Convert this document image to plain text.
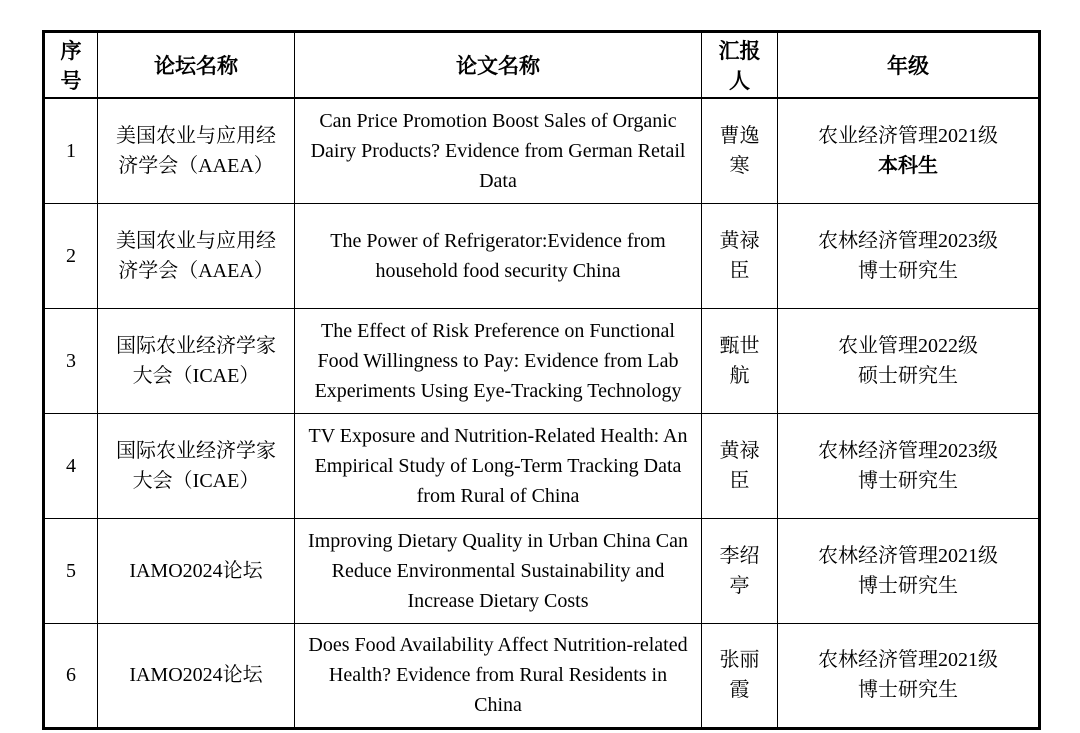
序号	论坛名称	论文名称	汇报人	年级
1	美国农业与应用经济学会（AAEA）	Can Price Promotion Boost Sales of Organic Dairy Products? Evidence from German Retail Data	曹逸寒	农业经济管理2021级
本科生

2	美国农业与应用经济学会（AAEA）	The Power of Refrigerator:Evidence from household food security China	黄禄臣	农林经济管理2023级
博士研究生

3	国际农业经济学家大会（ICAE）	The Effect of Risk Preference on Functional Food Willingness to Pay: Evidence from Lab Experiments Using Eye-Tracking Technology	甄世航	农业管理2022级
硕士研究生

4	国际农业经济学家大会（ICAE）	TV Exposure and Nutrition-Related Health: An Empirical Study of Long-Term Tracking Data from Rural of China	黄禄臣	农林经济管理2023级
博士研究生

5	IAMO2024论坛	Improving Dietary Quality in Urban China Can Reduce Environmental Sustainability and Increase Dietary Costs	李绍亭	农林经济管理2021级
博士研究生

6	IAMO2024论坛	Does Food Availability Affect Nutrition-related Health? Evidence from Rural Residents in China	张丽霞	农林经济管理2021级
博士研究生
